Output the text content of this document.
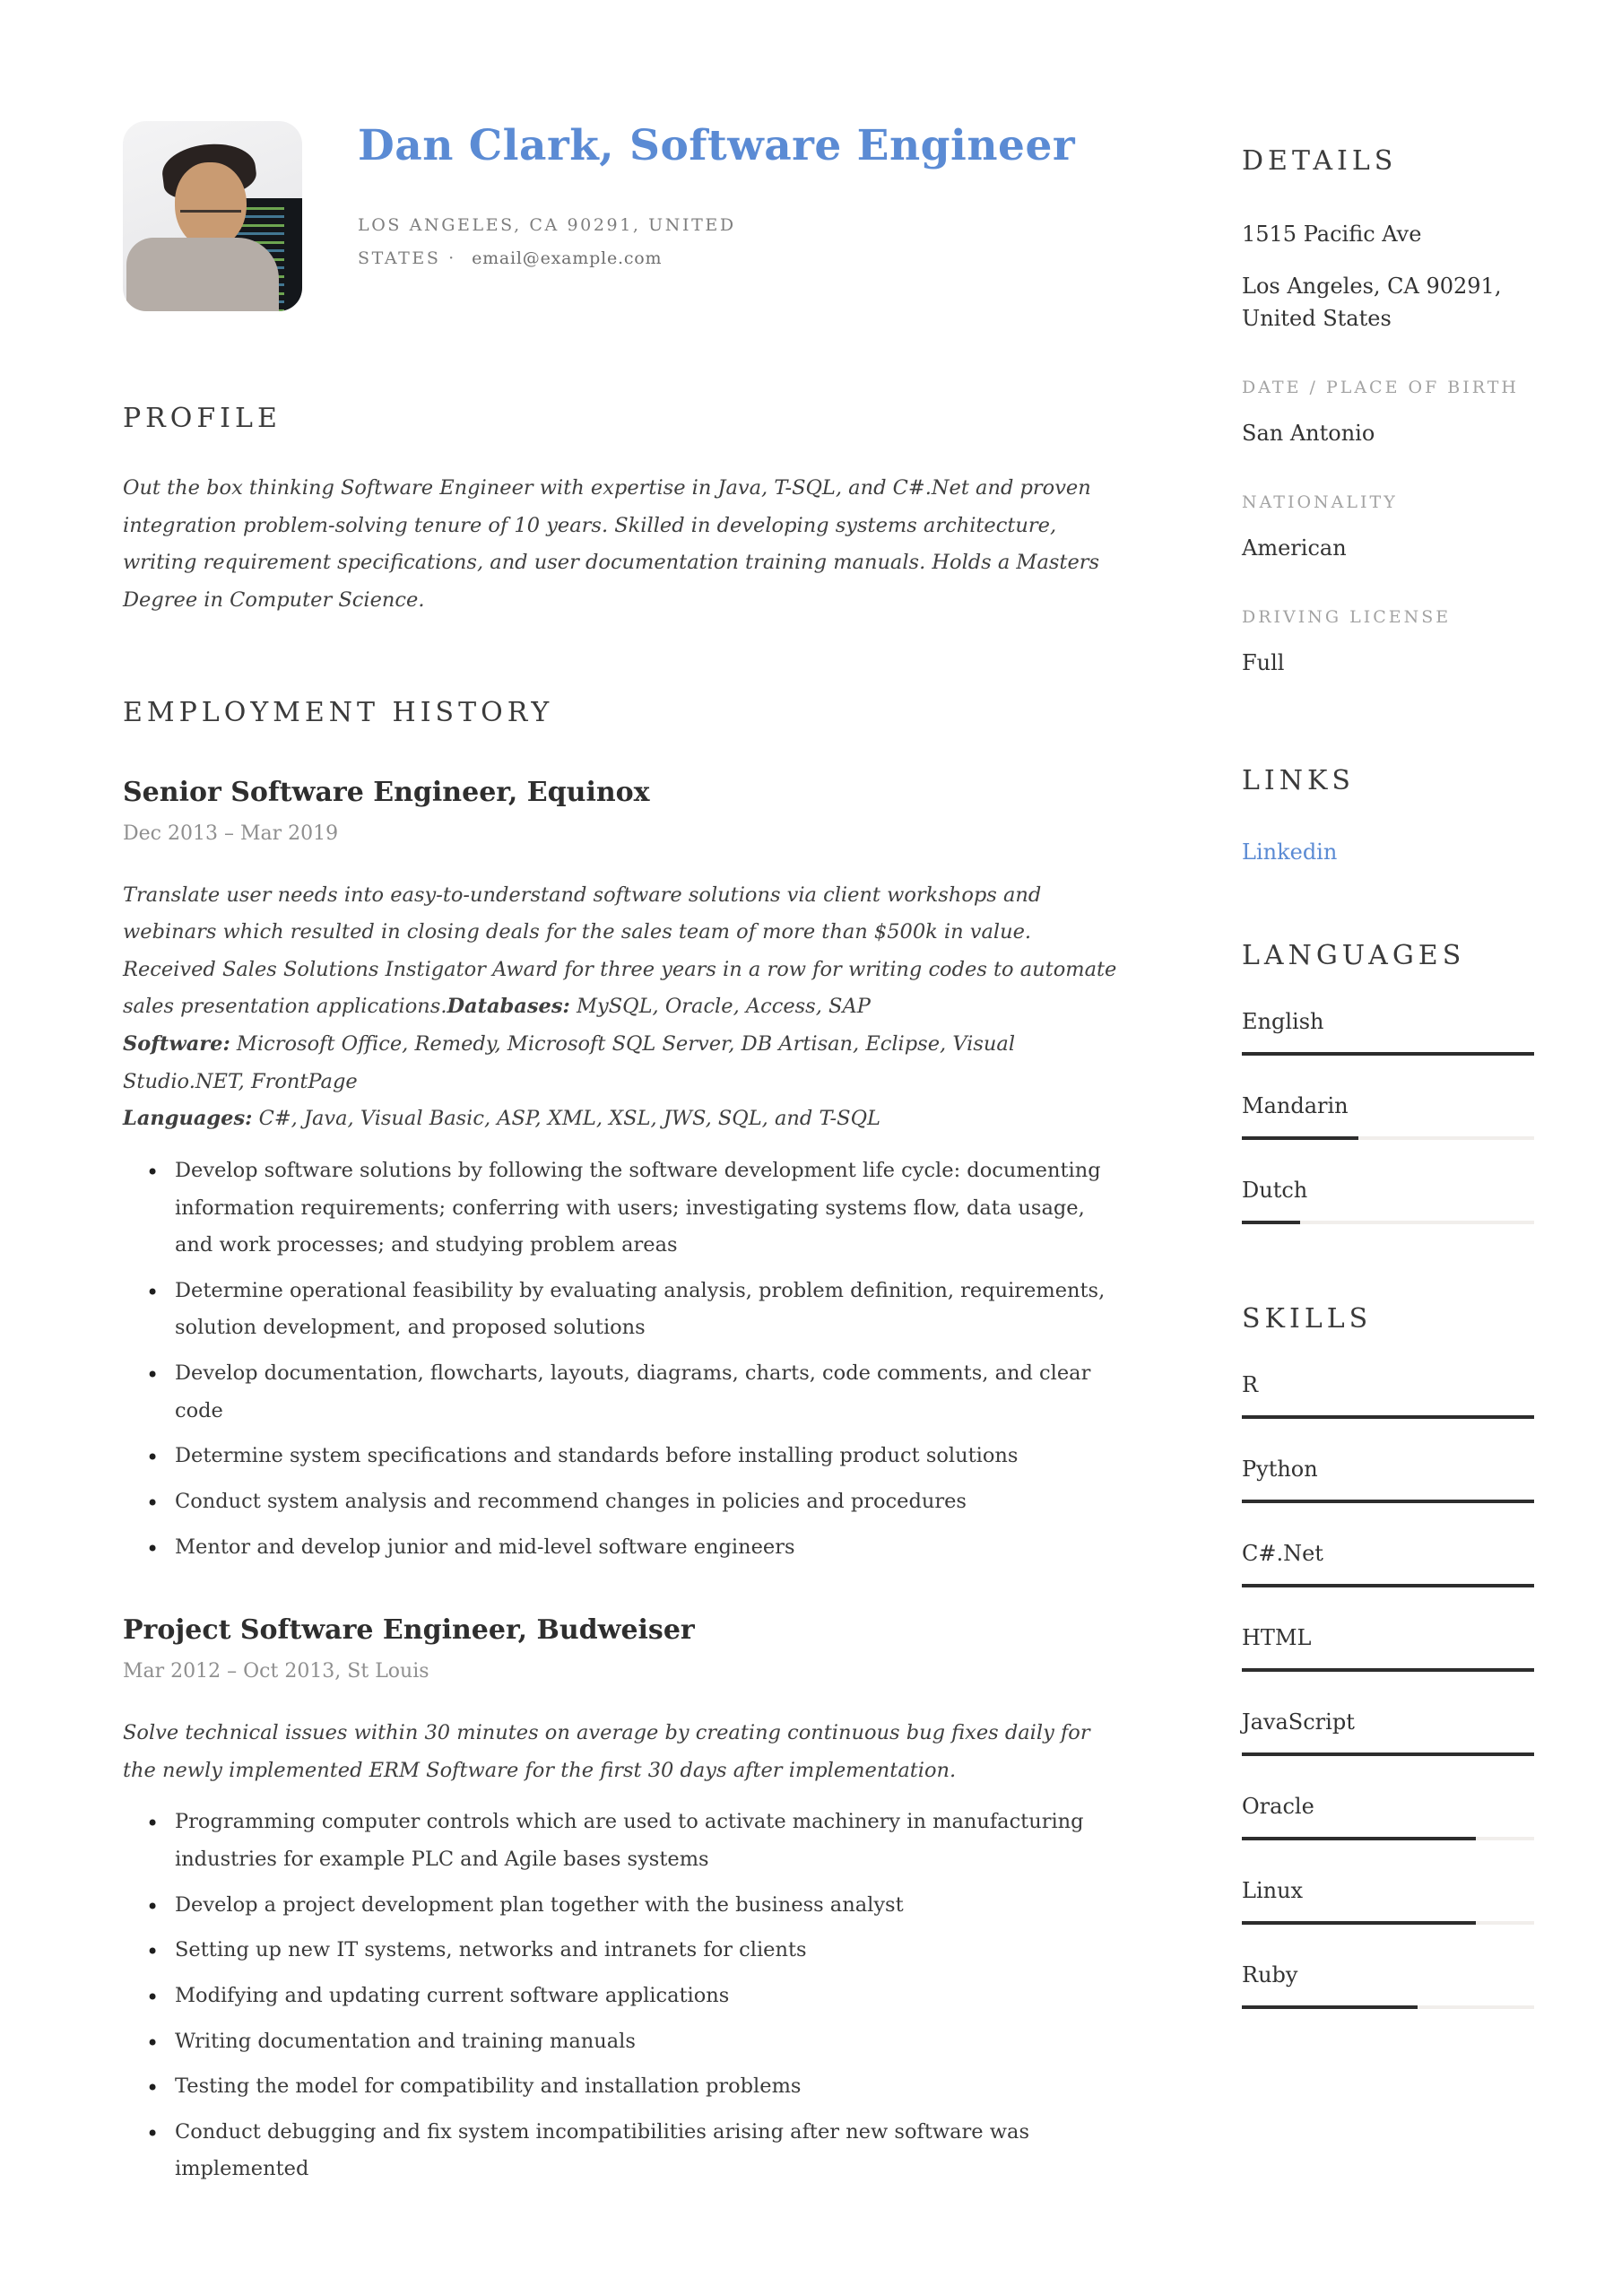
Dan Clark, Software Engineer
LOS ANGELES, CA 90291, UNITED STATES · email@example.com
PROFILE
Out the box thinking Software Engineer with expertise in Java, T-SQL, and C#.Net and proven integration problem-solving tenure of 10 years. Skilled in developing systems architecture, writing requirement specifications, and user documentation training manuals. Holds a Masters Degree in Computer Science.
EMPLOYMENT HISTORY
Senior Software Engineer, Equinox
Dec 2013 – Mar 2019

Translate user needs into easy-to-understand software solutions via client workshops and webinars which resulted in closing deals for the sales team of more than $500k in value. Received Sales Solutions Instigator Award for three years in a row for writing codes to automate sales presentation applications.Databases: MySQL, Oracle, Access, SAP
Software: Microsoft Office, Remedy, Microsoft SQL Server, DB Artisan, Eclipse, Visual Studio.NET, FrontPage
Languages: C#, Java, Visual Basic, ASP, XML, XSL, JWS, SQL, and T-SQL

• Develop software solutions by following the software development life cycle: documenting information requirements; conferring with users; investigating systems flow, data usage, and work processes; and studying problem areas
• Determine operational feasibility by evaluating analysis, problem definition, requirements, solution development, and proposed solutions
• Develop documentation, flowcharts, layouts, diagrams, charts, code comments, and clear code
• Determine system specifications and standards before installing product solutions
• Conduct system analysis and recommend changes in policies and procedures
• Mentor and develop junior and mid-level software engineers
Project Software Engineer, Budweiser
Mar 2012 – Oct 2013, St Louis

Solve technical issues within 30 minutes on average by creating continuous bug fixes daily for the newly implemented ERM Software for the first 30 days after implementation.

• Programming computer controls which are used to activate machinery in manufacturing industries for example PLC and Agile bases systems
• Develop a project development plan together with the business analyst
• Setting up new IT systems, networks and intranets for clients
• Modifying and updating current software applications
• Writing documentation and training manuals
• Testing the model for compatibility and installation problems
• Conduct debugging and fix system incompatibilities arising after new software was implemented
DETAILS
1515 Pacific Ave
Los Angeles, CA 90291, United States
DATE / PLACE OF BIRTH
San Antonio
NATIONALITY
American
DRIVING LICENSE
Full
LINKS
Linkedin
LANGUAGES
English
Mandarin
Dutch
SKILLS
R
Python
C#.Net
HTML
JavaScript
Oracle
Linux
Ruby
